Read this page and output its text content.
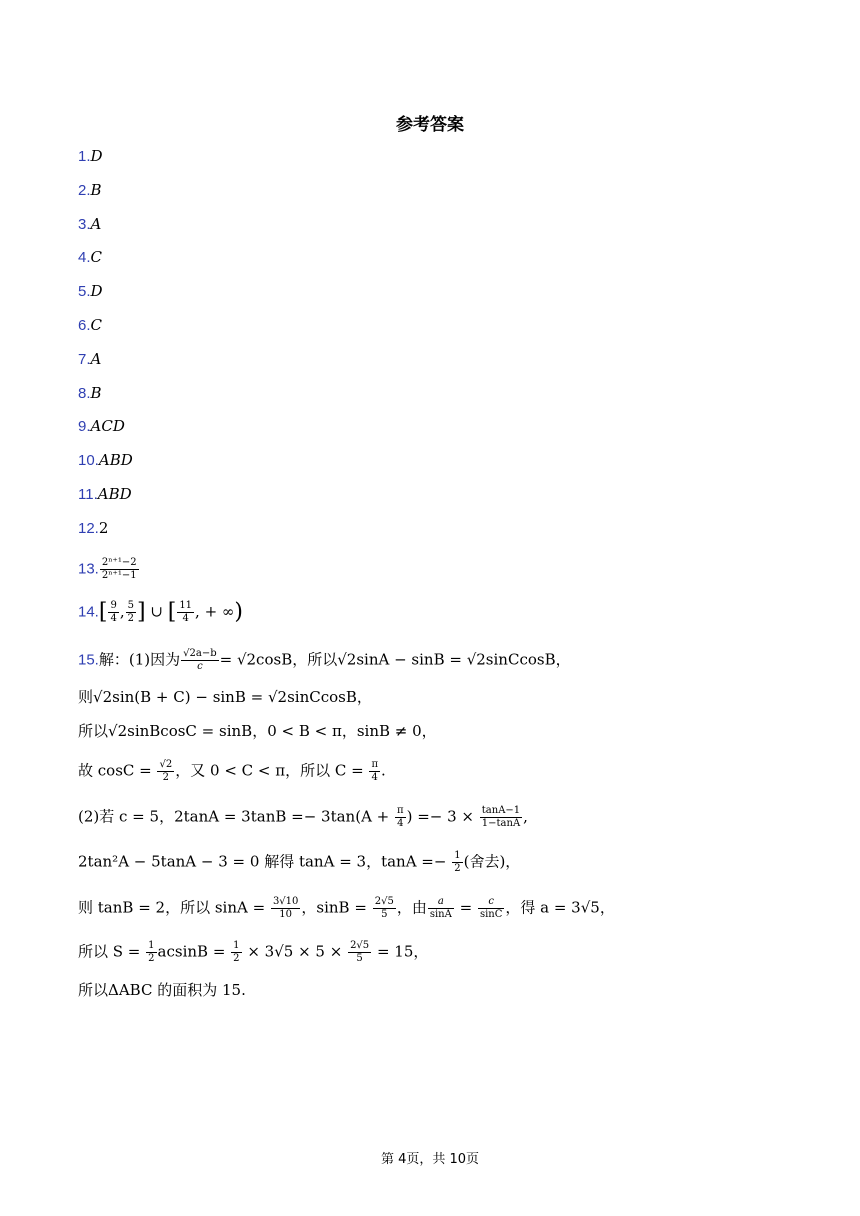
参考答案
1.D
2.B
3.A
4.C
5.D
6.C
7.A
8.B
9.ACD
10.ABD
11.ABD
12.2
13. $\frac{\text{2ⁿ⁺¹−2}}{\text{2ⁿ⁺¹−1}}$
$14.[ \frac{9}{4}$ , $\frac{5}{2}$ ] ∪ [ $\frac{11}{4}$ , + ∞)
15.解：(1)因为 $\frac{√2a-b}{c} = √2\cos B$，所以√2sinA − sinB = √2sinCcosB，
则√2sin(B + C) − sinB = √2sinCcosB，
所以√2sinBcosC = sinB，0 < B < π，sinB ≠ 0，
故 $\cos C = \frac{√2}{2}$ ，又 0 < C < π，所以 $C = \frac{\pi}{4}$ .
(2)若 c = 5，$2\tan A = 3\tan B =- 3\tan(A + \frac{\pi}{4}$ ) =− $3 \times \frac{\tan A-1}{1-\tan A}$ ,
2tan²A − 5tanA − 3 = 0 解得 tanA = 3，$\tan A =- \frac{1}{2}$ (舍去)，
则 tanB = 2，所以 $\sin A = \frac{3√10}{10}$ ，$\sin B = \frac{2√5}{5}$ ，由 $\frac{a}{\sin A} = \frac{c}{\sin C}$ ，得 a = 3√5，
所以 $S = \frac{1}{2}$ $acsinB = \frac{1}{2} \times 3√5 \times 5 \times \frac{2√5}{5} = 15$，
所以ΔABC 的面积为 15.
第 4页，共 10页
